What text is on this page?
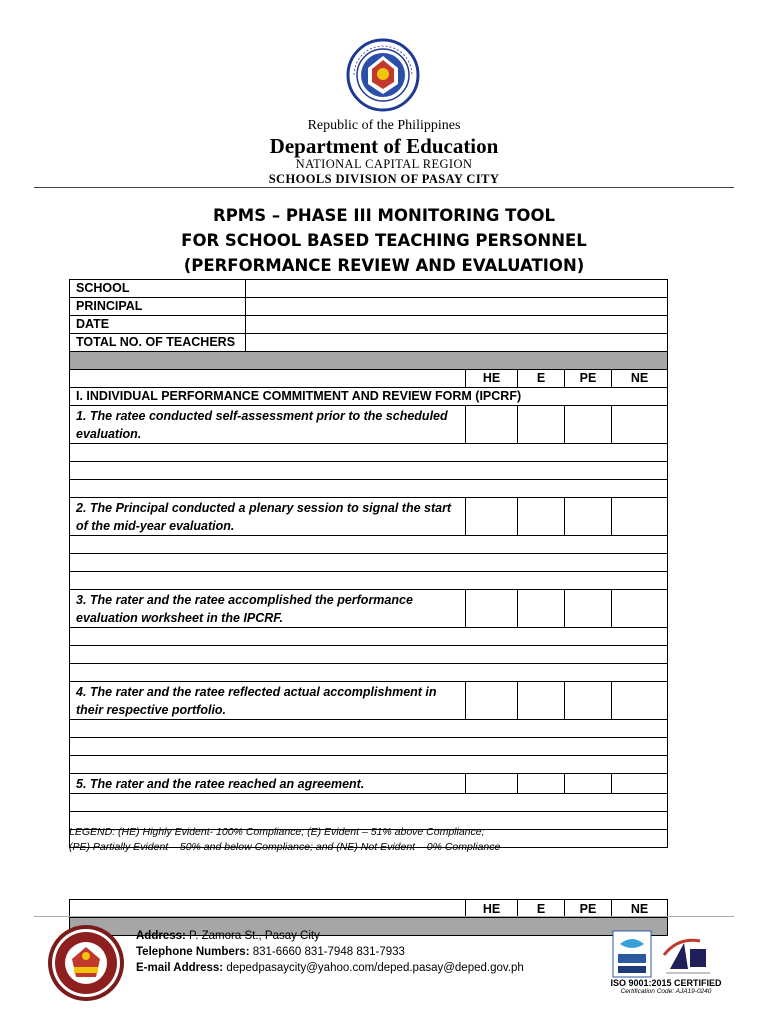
Republic of the Philippines
Department of Education
NATIONAL CAPITAL REGION
SCHOOLS DIVISION OF PASAY CITY
RPMS – PHASE III MONITORING TOOL
FOR SCHOOL BASED TEACHING PERSONNEL
(PERFORMANCE REVIEW AND EVALUATION)
SCHOOL					
PRINCIPAL					
DATE					
TOTAL NO. OF TEACHERS					

		HE	E	PE	NE
I. INDIVIDUAL PERFORMANCE COMMITMENT AND REVIEW FORM (IPCRF)					
1. The ratee conducted self-assessment prior to the scheduled evaluation.					

2. The Principal conducted a plenary session to signal the start of the mid-year evaluation.					

3. The rater and the ratee accomplished the performance evaluation worksheet in the IPCRF.					

4. The rater and the ratee reflected actual accomplishment in their respective portfolio.					

5. The rater and the ratee reached an agreement.					

LEGEND: (HE) Highly Evident- 100% Compliance; (E) Evident – 51% above Compliance;
(PE) Partially Evident – 50% and below Compliance; and (NE) Not Evident – 0% Compliance
	HE	E	PE	NE

Address: P. Zamora St., Pasay City
Telephone Numbers: 831-6660 831-7948 831-7933
E-mail Address: depedpasaycity@yahoo.com/deped.pasay@deped.gov.ph
ISO 9001:2015 CERTIFIED
Certification Code: AJA19-0240
